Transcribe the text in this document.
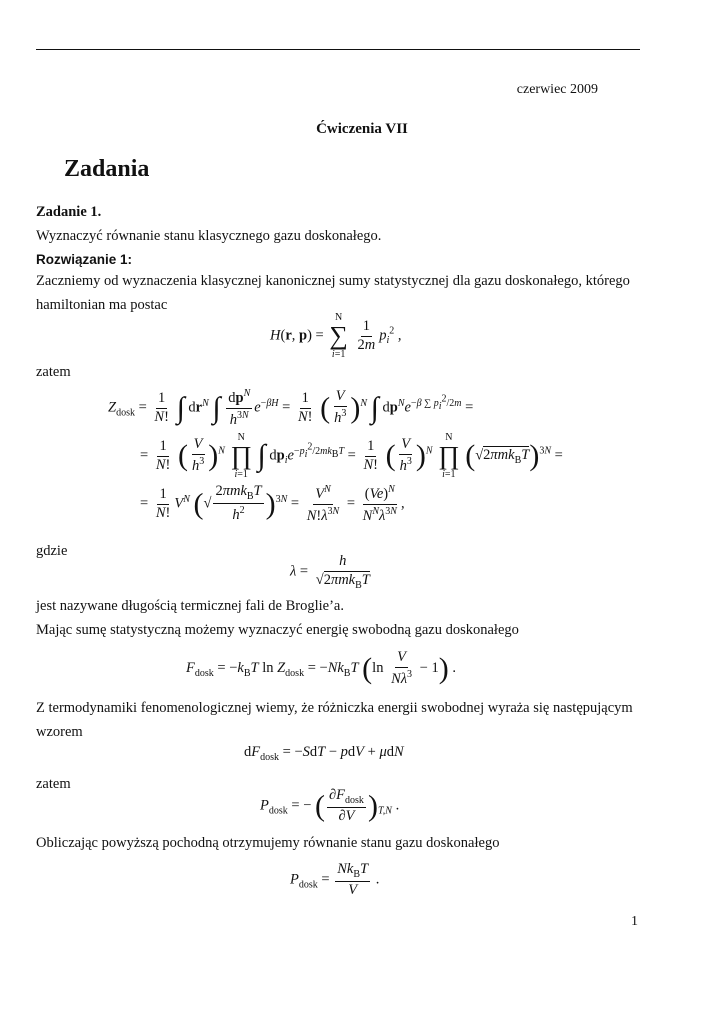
czerwiec 2009
Ćwiczenia VII
Zadania
Zadanie 1.
Wyznaczyć równanie stanu klasycznego gazu doskonałego.
Rozwiązanie 1:
Zaczniemy od wyznaczenia klasycznej kanonicznej sumy statystycznej dla gazu doskonałego, którego
hamiltonian ma postac
H(r, p) =
N
∑
i=1

$\frac{1}{2m} p_i^2$ ,
zatem
$Z_{dosk} = \frac{1}{N!}$ ∫ $dr^N$ ∫ $\frac{dp^N}{h^{3N}} e^{-\beta H} = \frac{1}{N!}$ ( $\frac{V}{h^3} )^N$ ∫ $dp^Ne^{-\beta \sum p_i^2/2m}$ =
= $\frac{1}{N!}$ ( $\frac{V}{h^3} )^N$
N
∏
i=1
∫ $dp_ie^{-p_i^2/2mk_BT} = \frac{1}{N!}$ ( $\frac{V}{h^3} )^N$
N
∏
i=1
$(√2\pi mk_BT)^{3N}$ =
= $\frac{1}{N!} V^N$ (√ $\frac{2\pi mk_BT}{h^2} )^{3N} = \frac{V^N}{N!\lambda^{3N}} = \frac{(Ve)^N}{N^N\lambda^{3N}}$ ,
gdzie
$\lambda = \frac{h}{√2\pi mk_BT}$
jest nazywane długością termicznej fali de Broglie’a.
Mając sumę statystyczną możemy wyznaczyć energię swobodną gazu doskonałego
$F_{dosk} = -k_BT$ $\ln Z_{dosk} = -Nk_BT$ $(\ln \frac{V}{N\lambda^3} - 1)$ .
Z termodynamiki fenomenologicznej wiemy, że różniczka energii swobodnej wyraża się następującym
wzorem
$dF_{dosk} = -SdT$ − pdV + μdN
zatem
$P_{dosk}$ = − ( $\frac{\partial F_{dosk}}{\partial V} )_{T,N}$ .
Obliczając powyższą pochodną otrzymujemy równanie stanu gazu doskonałego
$P_{dosk} = \frac{Nk_BT}{V}$ .
1
